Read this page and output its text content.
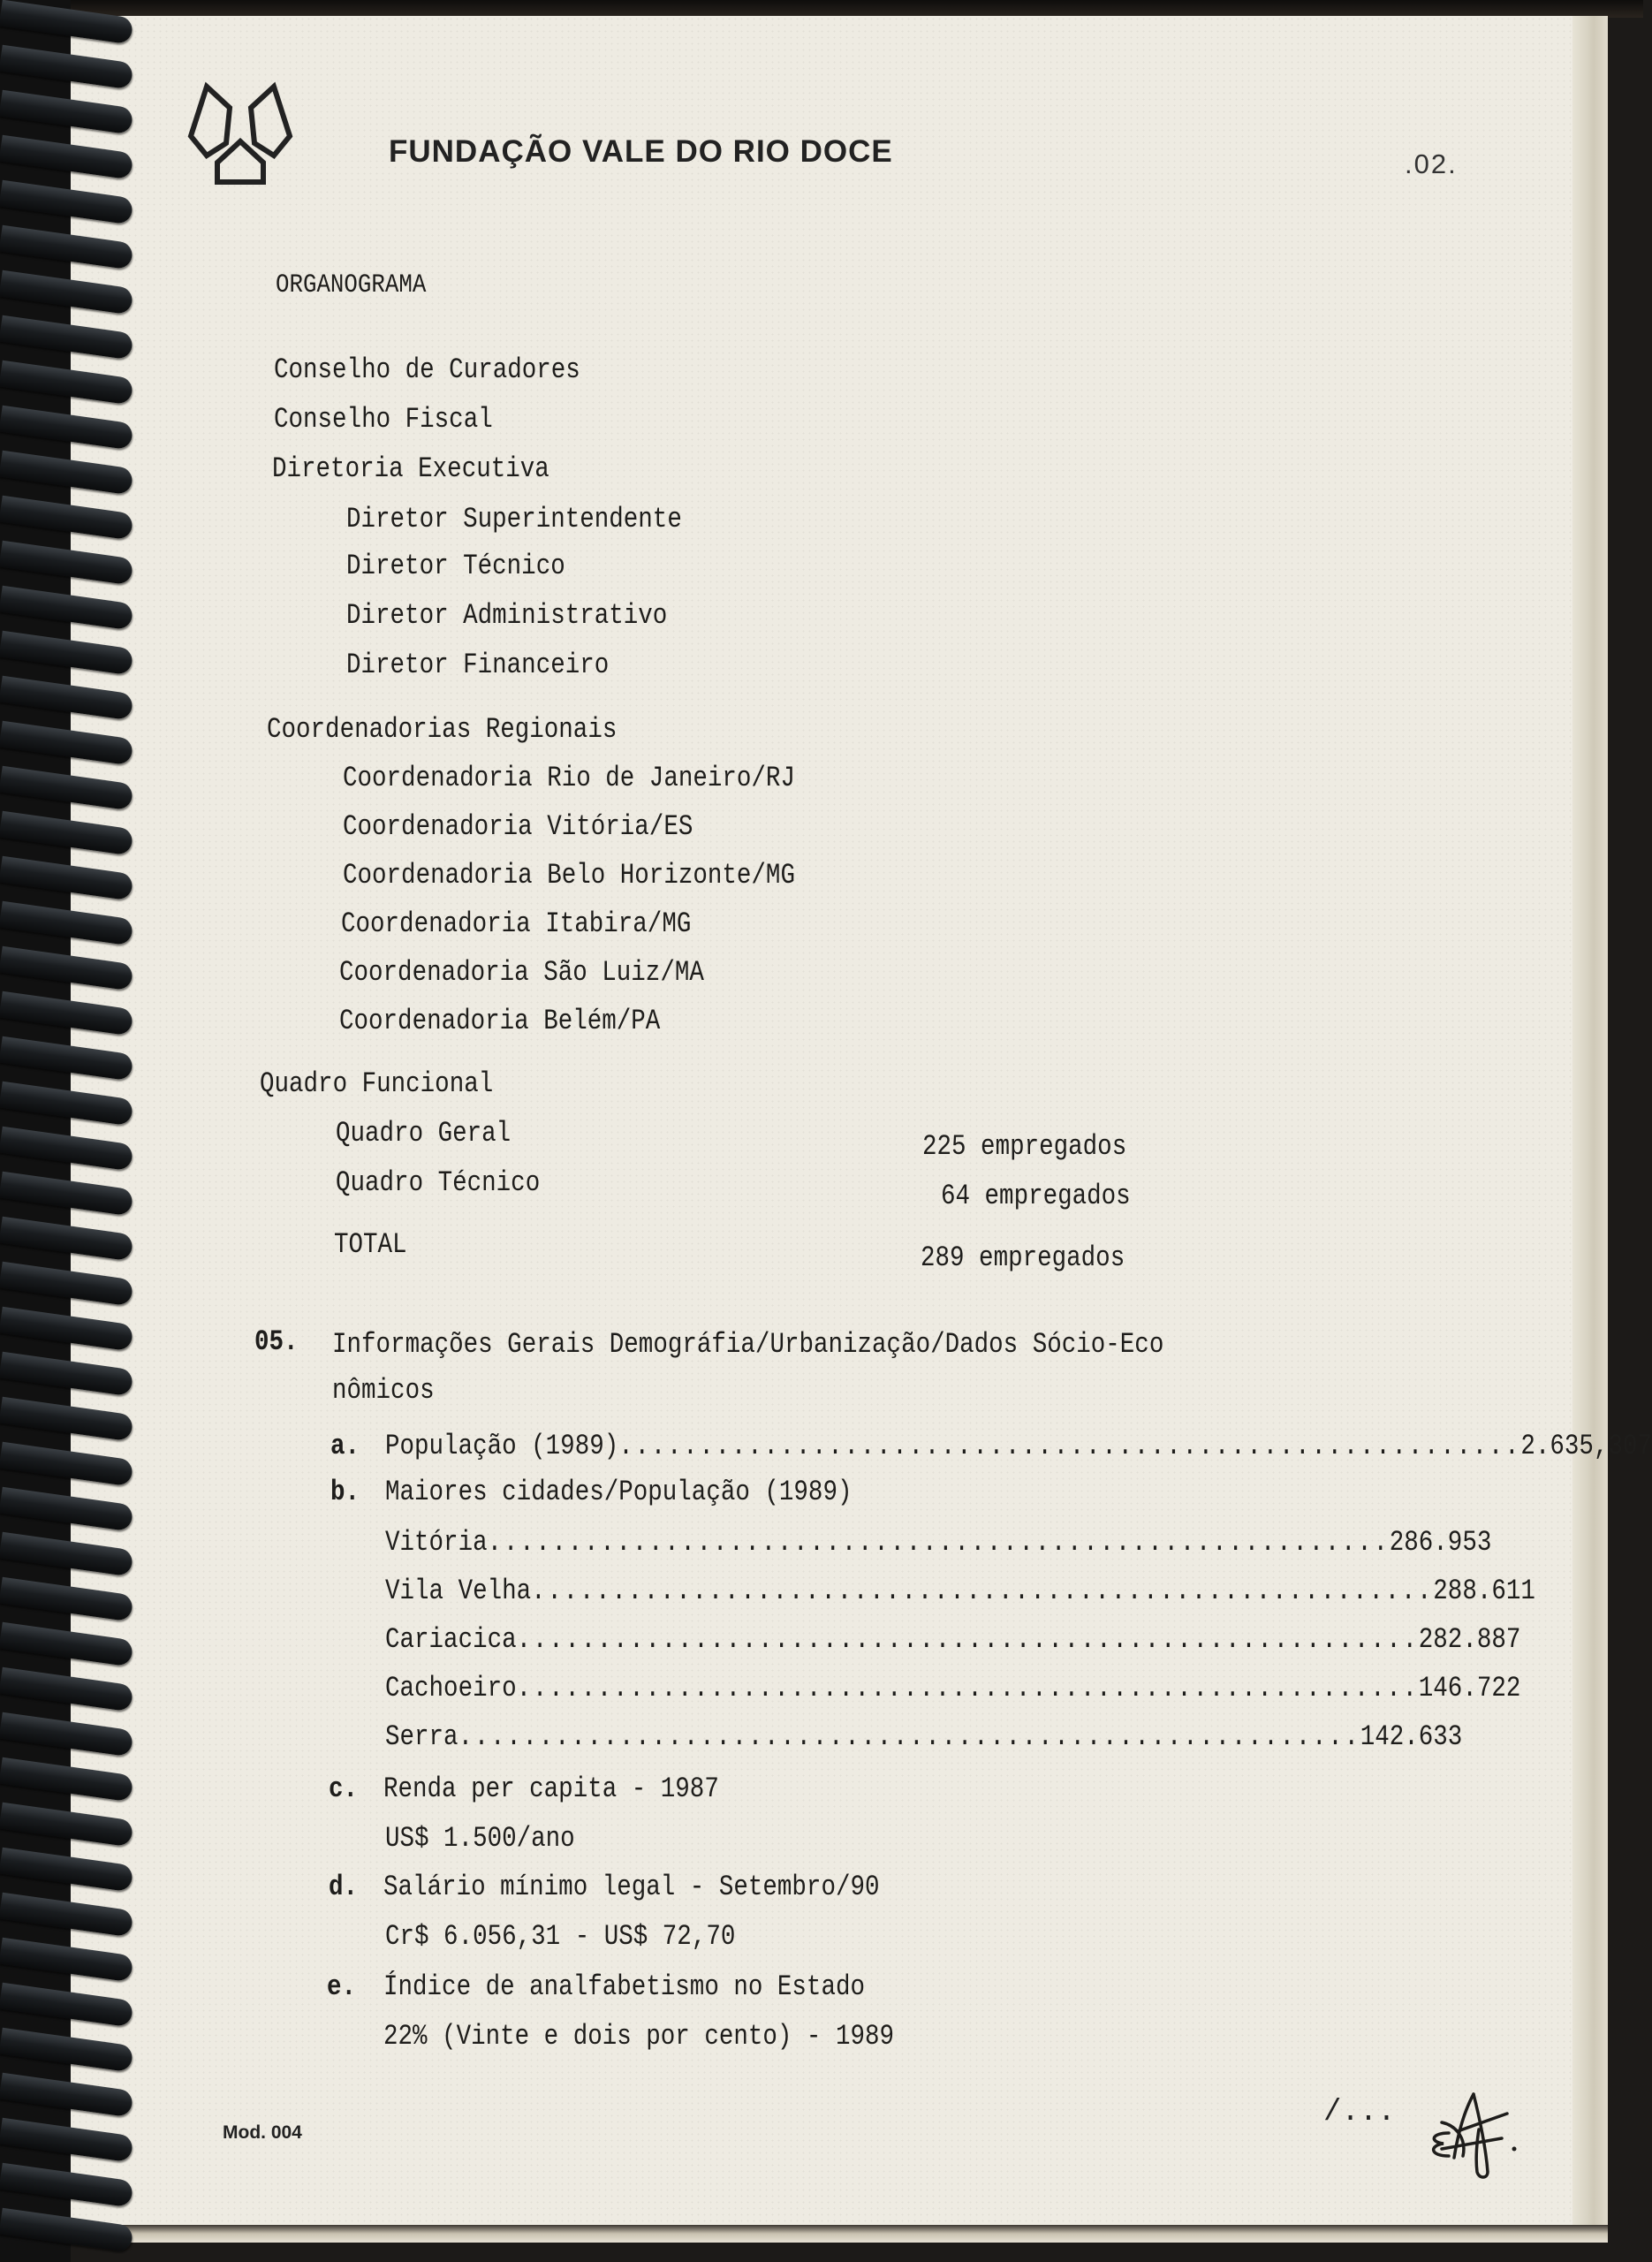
FUNDAÇÃO VALE DO RIO DOCE	.02.
ORGANOGRAMA
Conselho de Curadores
Conselho Fiscal
Diretoria Executiva
Diretor Superintendente
Diretor Técnico
Diretor Administrativo
Diretor Financeiro
Coordenadorias Regionais
Coordenadoria Rio de Janeiro/RJ
Coordenadoria Vitória/ES
Coordenadoria Belo Horizonte/MG
Coordenadoria Itabira/MG
Coordenadoria São Luiz/MA
Coordenadoria Belém/PA
Quadro Funcional
Quadro Geral	225 empregados
Quadro Técnico	64 empregados
TOTAL	289 empregados
05. Informações Gerais Demográfia/Urbanização/Dados Sócio-Eco
nômicos
a. População (1989) ........................................................ 2.635,307
b. Maiores cidades/População (1989)
Vitória ........................................................ 286.953
Vila Velha ........................................................ 288.611
Cariacica ........................................................ 282.887
Cachoeiro ........................................................ 146.722
Serra ........................................................ 142.633
c. Renda per capita - 1987
US$ 1.500/ano
d. Salário mínimo legal - Setembro/90
Cr$ 6.056,31 - US$ 72,70
e. Índice de analfabetismo no Estado
22% (Vinte e dois por cento) - 1989
Mod. 004
/...
